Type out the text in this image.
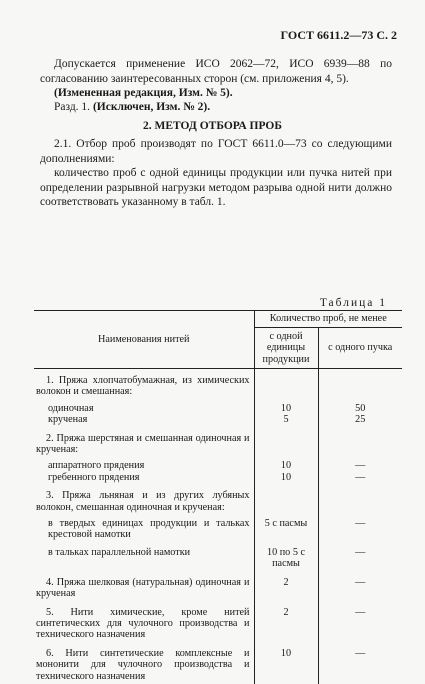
ГОСТ 6611.2—73 С. 2
Допускается применение ИСО 2062—72, ИСО 6939—88 по согласованию заинтересованных сторон (см. приложения 4, 5).
(Измененная редакция, Изм. № 5).
Разд. 1. (Исключен, Изм. № 2).
2. МЕТОД ОТБОРА ПРОБ
2.1. Отбор проб производят по ГОСТ 6611.0—73 со следующими дополнениями:
количество проб с одной единицы продукции или пучка нитей при определении разрывной нагрузки методом разрыва одной нити должно соответствовать указанному в табл. 1.
Таблица 1
Наименования нитей	Количество проб, не менее	
	с одной единицы продукции	с одного пучка
1. Пряжа хлопчатобумажная, из химических волокон и смешанная:		
одиночная	10	50
крученая	5	25
2. Пряжа шерстяная и смешанная одиночная и крученая:		
аппаратного прядения	10	—
гребенного прядения	10	—
3. Пряжа льняная и из других лубяных волокон, смешанная одиночная и крученая:		
в твердых единицах продукции и тальках крестовой намотки	5 с пасмы	—
в тальках параллельной намотки	10 по 5 с пасмы	—
4. Пряжа шелковая (натуральная) одиночная и крученая	2	—
5. Нити химические, кроме нитей синтетических для чулочного производства и технического назначения	2	—
6. Нити синтетические комплексные и мононити для чулочного производства и технического назначения	10	—
